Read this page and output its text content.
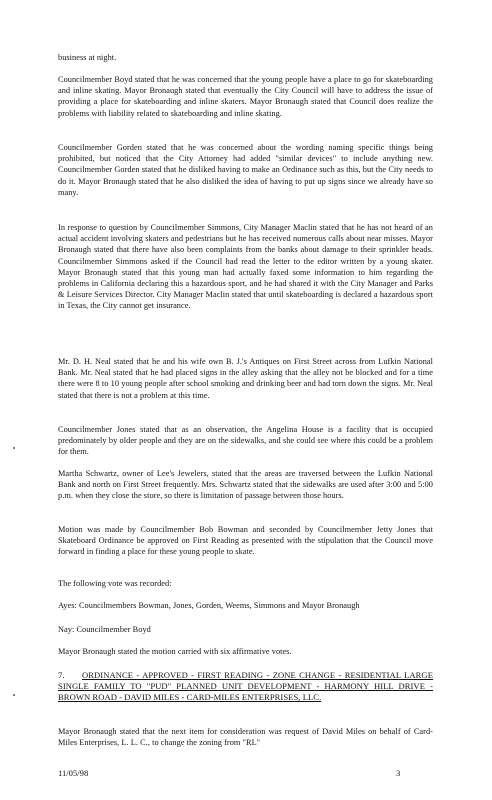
business at night.

Councilmember Boyd stated that he was concerned that the young people have a place to go for skateboarding and inline skating. Mayor Bronaugh stated that eventually the City Council will have to address the issue of providing a place for skateboarding and inline skaters. Mayor Bronaugh stated that Council does realize the problems with liability related to skateboarding and inline skating.

Councilmember Gorden stated that he was concerned about the wording naming specific things being prohibited, but noticed that the City Attorney had added "similar devices" to include anything new. Councilmember Gorden stated that he disliked having to make an Ordinance such as this, but the City needs to do it. Mayor Bronaugh stated that he also disliked the idea of having to put up signs since we already have so many.

In response to question by Councilmember Simmons, City Manager Maclin stated that he has not heard of an actual accident involving skaters and pedestrians but he has received numerous calls about near misses. Mayor Bronaugh stated that there have also been complaints from the banks about damage to their sprinkler heads. Councilmember Simmons asked if the Council had read the letter to the editor written by a young skater. Mayor Bronaugh stated that this young man had actually faxed some information to him regarding the problems in California declaring this a hazardous sport, and he had shared it with the City Manager and Parks & Leisure Services Director. City Manager Maclin stated that until skateboarding is declared a hazardous sport in Texas, the City cannot get insurance.

Mr. D. H. Neal stated that he and his wife own B. J.'s Antiques on First Street across from Lufkin National Bank. Mr. Neal stated that he had placed signs in the alley asking that the alley not be blocked and for a time there were 8 to 10 young people after school smoking and drinking beer and had torn down the signs. Mr. Neal stated that there is not a problem at this time.

Councilmember Jones stated that as an observation, the Angelina House is a facility that is occupied predominately by older people and they are on the sidewalks, and she could see where this could be a problem for them.

Martha Schwartz, owner of Lee's Jewelers, stated that the areas are traversed between the Lufkin National Bank and north on First Street frequently. Mrs. Schwartz stated that the sidewalks are used after 3:00 and 5:00 p.m. when they close the store, so there is limitation of passage between those hours.

Motion was made by Councilmember Bob Bowman and seconded by Councilmember Jetty Jones that Skateboard Ordinance be approved on First Reading as presented with the stipulation that the Council move forward in finding a place for these young people to skate.

The following vote was recorded:

Ayes: Councilmembers Bowman, Jones, Gorden, Weems, Simmons and Mayor Bronaugh

Nay: Councilmember Boyd

Mayor Bronaugh stated the motion carried with six affirmative votes.

7. ORDINANCE - APPROVED - FIRST READING - ZONE CHANGE - RESIDENTIAL LARGE SINGLE FAMILY TO "PUD" PLANNED UNIT DEVELOPMENT - HARMONY HILL DRIVE - BROWN ROAD - DAVID MILES - CARD-MILES ENTERPRISES, LLC.

Mayor Bronaugh stated that the next item for consideration was request of David Miles on behalf of Card-Miles Enterprises, L. L. C., to change the zoning from "RL"

11/05/98	3
